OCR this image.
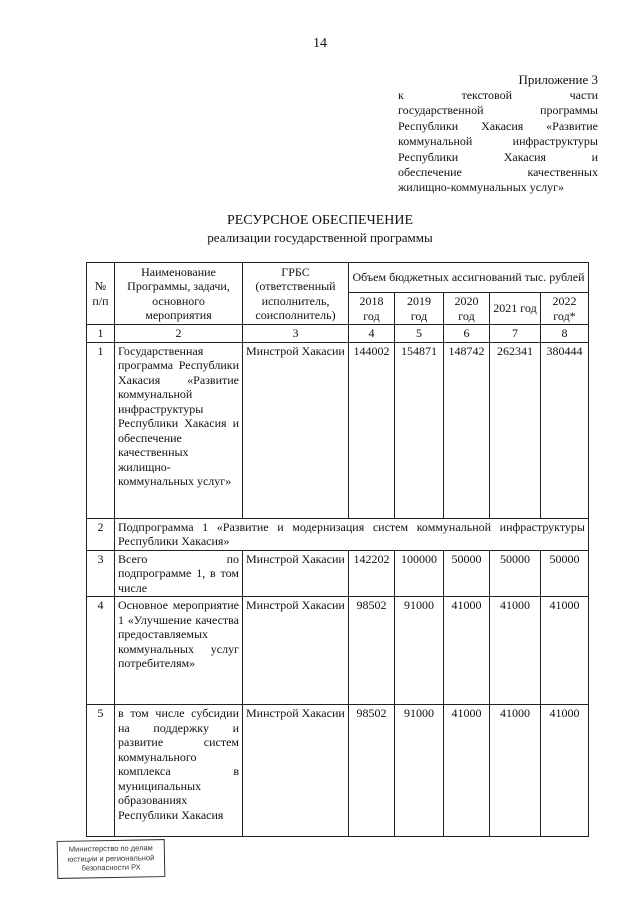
14
Приложение 3
к текстовой части
государственной программы
Республики Хакасия «Развитие
коммунальной инфраструктуры
Республики Хакасия и
обеспечение качественных
жилищно-коммунальных услуг»
РЕСУРСНОЕ ОБЕСПЕЧЕНИЕ
реализации государственной программы
№ п/п	Наименование Программы, задачи, основного мероприятия	ГРБС (ответственный исполнитель, соисполнитель)	Объем бюджетных ассигнований тыс. рублей				
			2018 год	2019 год	2020 год	2021 год	2022 год*
1	2	3	4	5	6	7	8
1	Государственная программа Республики Хакасия «Развитие коммунальной инфраструктуры Республики Хакасия и обеспечение качественных жилищно-коммунальных услуг»	Минстрой Хакасии	144002	154871	148742	262341	380444
2	Подпрограмма 1 «Развитие и модернизация систем коммунальной инфраструктуры Республики Хакасия»						
3	Всего по подпрограмме 1, в том числе	Минстрой Хакасии	142202	100000	50000	50000	50000
4	Основное мероприятие 1 «Улучшение качества предоставляемых коммунальных услуг потребителям»	Минстрой Хакасии	98502	91000	41000	41000	41000
5	в том числе субсидии на поддержку и развитие систем коммунального комплекса в муниципальных образованиях Республики Хакасия	Минстрой Хакасии	98502	91000	41000	41000	41000
Министерство по делам
юстиции и региональной
безопасности РХ
